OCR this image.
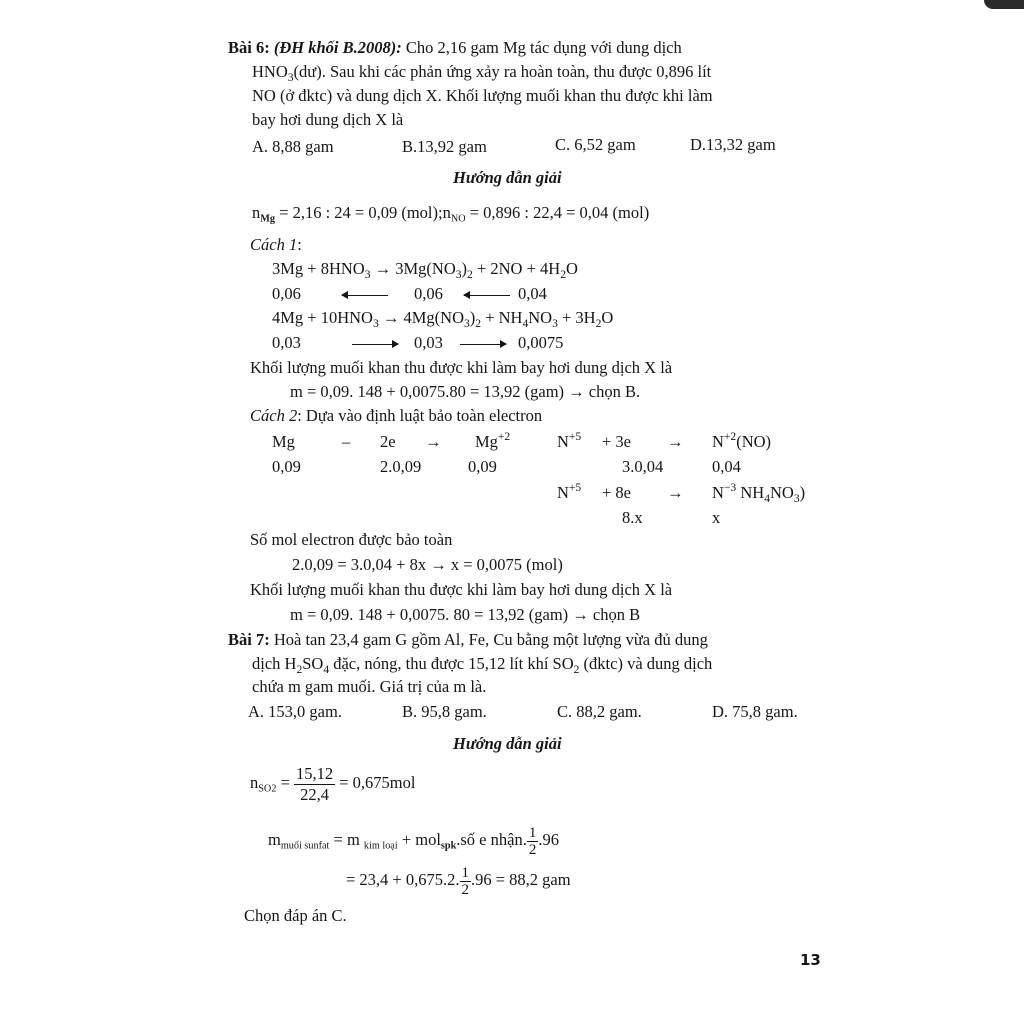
Bài 6: (ĐH khối B.2008): Cho 2,16 gam Mg tác dụng với dung dịch
$HNO_3(dư)$. Sau khi các phản ứng xảy ra hoàn toàn, thu được 0,896 lít
NO (ở đktc) và dung dịch X. Khối lượng muối khan thu được khi làm
bay hơi dung dịch X là
A. 8,88 gam	B.13,92 gam	C. 6,52 gam	D.13,32 gam
Hướng dẫn giải
$n_{Mg} = 2,16$ : 24 = 0,09 $(mol);n_{NO} = 0,896$ : 22,4 = 0,04 (mol)
Cách 1:
$3Mg + 8HNO_3 \to 3Mg(NO_3)_2 + 2NO + 4H_2O$
0,06	0,06	0,04
$4Mg + 10HNO_3 \to 4Mg(NO_3)_2 + NH_4NO_3 + 3H_2O$
0,03	0,03	0,0075
Khối lượng muối khan thu được khi làm bay hơi dung dịch X là
m = 0,09. 148 + 0,0075.80 = 13,92 (gam) → chọn B.
Cách 2: Dựa vào định luật bảo toàn electron
Mg	– $2e \to Mg^{+2}$	$N^{+5} + 3e \to N^{+2}(NO)$
0,09	2.0,09	0,09	3.0,04	0,04
$N^{+5} + 8e \to N^{-3}$ $NH_4NO_3$)
8.x	x
Số mol electron được bảo toàn
2.0,09 = 3.0,04 + 8x → x = 0,0075 (mol)
Khối lượng muối khan thu được khi làm bay hơi dung dịch X là
m = 0,09. 148 + 0,0075. 80 = 13,92 (gam) → chọn B
Bài 7: Hoà tan 23,4 gam G gồm Al, Fe, Cu bằng một lượng vừa đủ dung
dịch $H_2SO_4$ đặc, nóng, thu được 15,12 lít khí $SO_2$ (đktc) và dung dịch
chứa m gam muối. Giá trị của m là.
A. 153,0 gam.	B. 95,8 gam.	C. 88,2 gam.	D. 75,8 gam.
Hướng dẫn giải
$n_{SO2} = \frac{15,12}{22,4} = 0,675mol$
$m_{muối sunfat} = m$ $_{kim loại}$ + mol$_{spk}$.số e nhận. $\frac{1}{2} .96$
= 23,4 + 0,675.2. $\frac{1}{2} .96 = 88,2$ gam
Chọn đáp án C.
13
